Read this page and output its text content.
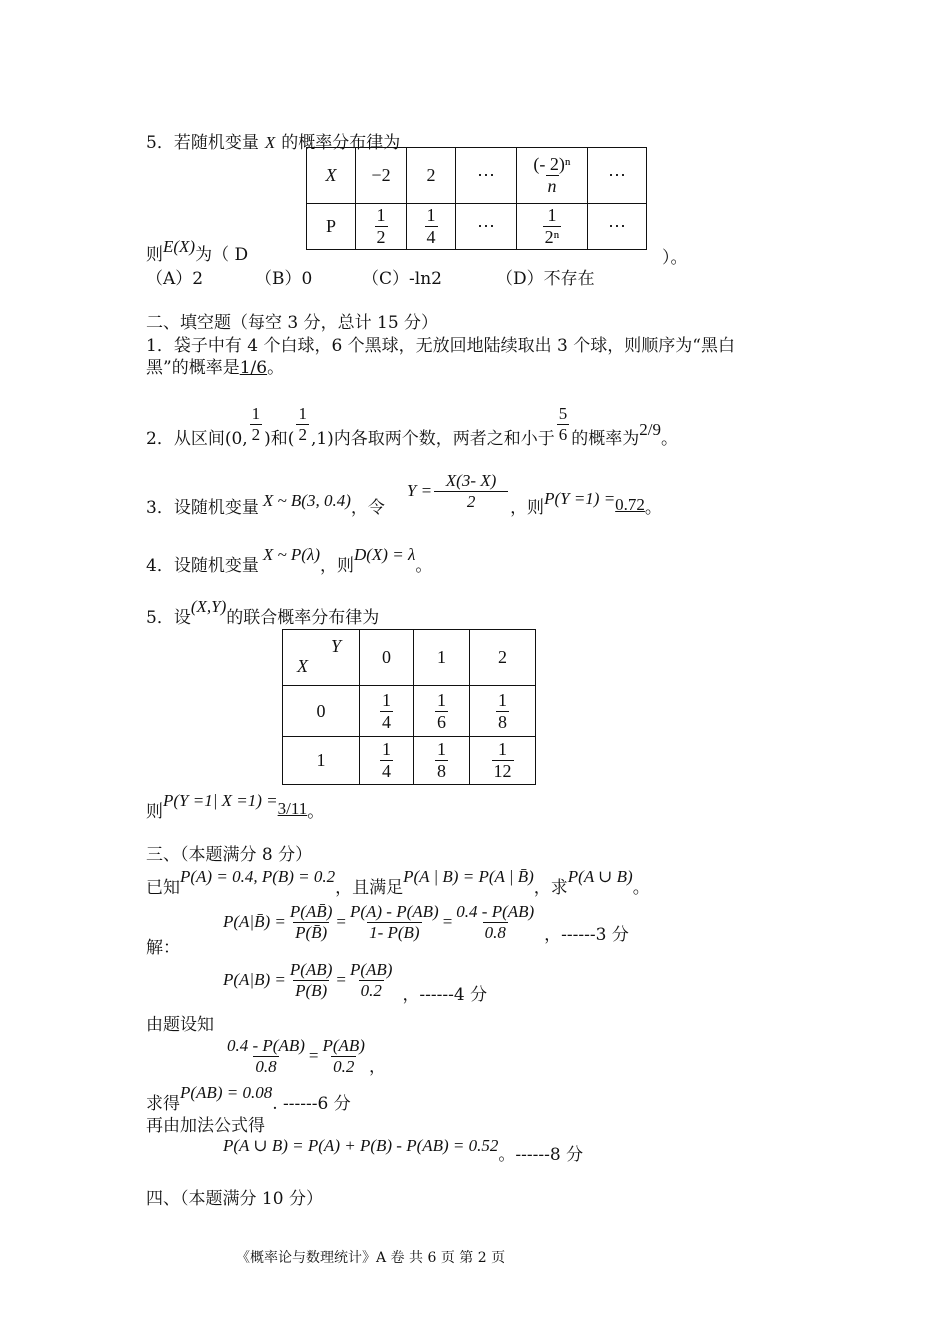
5．若随机变量 X 的概率分布律为
X	−2	2	⋯	$\frac{\text{(- 2)ⁿ}}{n}$	⋯
P	$\frac{1}{2}$	$\frac{1}{4}$	⋯	$\frac{1}{\text{2ⁿ}}$	⋯
则E(X)为（ D	）。
（A）2	（B）0	（C）-ln2	（D）不存在
二、填空题（每空 3 分，总计 15 分）
1．袋子中有 4 个白球，6 个黑球，无放回地陆续取出 3 个球，则顺序为“黑白
黑”的概率是1/6。
2．从区间(0, $\frac{1}{2}$ )和( $\frac{1}{2} ,1$)内各取两个数，两者之和小于 $\frac{5}{6}$ 的概率为 2/9 。
3．设随机变量 X ~ B(3, 0.4) ，令
$Y = \frac{X(3- X)}{2}$ ，则 P(Y =1) = 0.72 。
4．设随机变量
X ~ P(λ)
，则
D(X) = λ
。
5．设
(X,Y)
的联合概率分布律为
Y
X	0	1	2
0	$\frac{1}{4}$	$\frac{1}{6}$	$\frac{1}{8}$

1	$\frac{1}{4}$	$\frac{1}{8}$	$\frac{1}{12}$
则
P(Y =1| X =1) = 3/11 。
三、（本题满分 8 分）
已知
P(A) = 0.4, P(B) = 0.2
，且满足
P(A | B) = P(A | B̄)
，求
P(A ∪ B)
。
P(A|B̄) = $\frac{P(AB̄)}{P(B̄)} = \frac{P(A) - P(AB)}{1- P(B)} = \frac{0.4 - P(AB)}{0.8}$ ，------3 分
解：
$P(A|B) = \frac{P(AB)}{P(B)} = \frac{P(AB)}{0.2}$ ，------4 分
由题设知
$\frac{0.4 - P(AB)}{0.8} = \frac{P(AB)}{0.2}$ ，
求得
P(AB) = 0.08
. ------6 分
再由加法公式得
P(A ∪ B) = P(A) + P(B) - P(AB) = 0.52 。------8 分
四、（本题满分 10 分）
《概率论与数理统计》A 卷 共 6 页 第 2 页
